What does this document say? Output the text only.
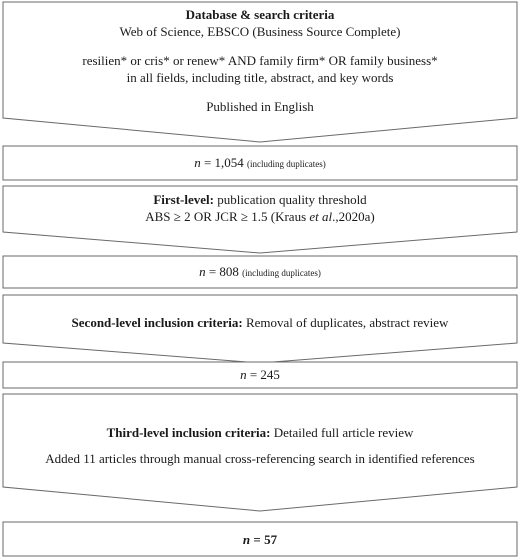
Database & search criteria
Web of Science, EBSCO (Business Source Complete)
resilien* or cris* or renew* AND family firm* OR family business*
in all fields, including title, abstract, and key words
Published in English
n = 1,054 (including duplicates)
First-level: publication quality threshold
ABS ≥ 2 OR JCR ≥ 1.5 (Kraus et al.,2020a)
n = 808 (including duplicates)
Second-level inclusion criteria: Removal of duplicates, abstract review
n = 245
Third-level inclusion criteria: Detailed full article review
Added 11 articles through manual cross-referencing search in identified references
n = 57
